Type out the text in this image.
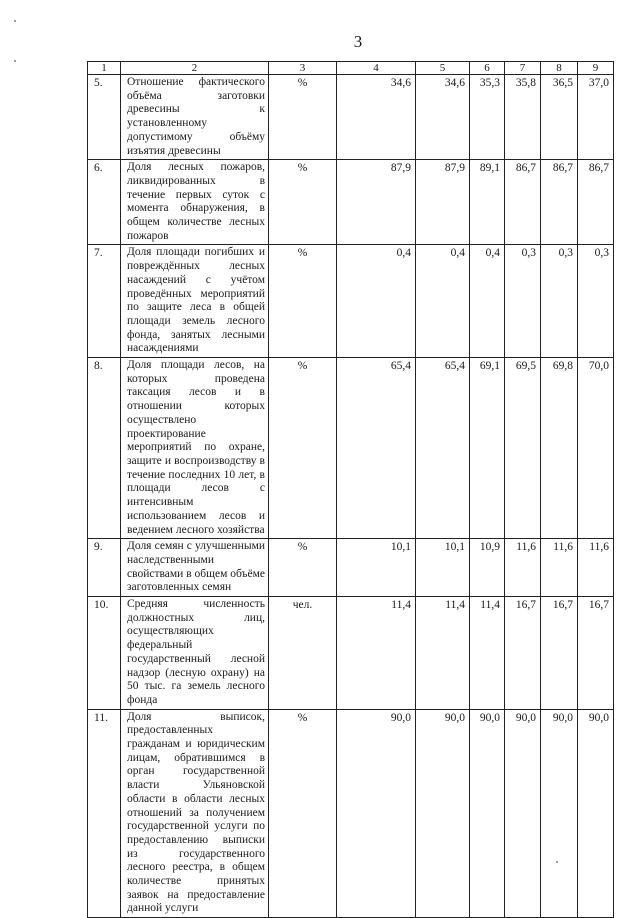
3
1	2	3	4	5	6	7	8	9
5.	Отношение фактического объёма заготовки древесины к установленному допустимому объёму изъятия древесины	%	34,6	34,6	35,3	35,8	36,5	37,0
6.	Доля лесных пожаров, ликвидированных в течение первых суток с момента обнаружения, в общем количестве лесных пожаров	%	87,9	87,9	89,1	86,7	86,7	86,7
7.	Доля площади погибших и повреждённых лесных насаждений с учётом проведённых мероприятий по защите леса в общей площади земель лесного фонда, занятых лесными насаждениями	%	0,4	0,4	0,4	0,3	0,3	0,3
8.	Доля площади лесов, на которых проведена таксация лесов и в отношении которых осуществлено проектирование мероприятий по охране, защите и воспроизводству в течение последних 10 лет, в площади лесов с интенсивным использованием лесов и ведением лесного хозяйства	%	65,4	65,4	69,1	69,5	69,8	70,0
9.	Доля семян с улучшенными наследственными свойствами в общем объёме заготовленных семян	%	10,1	10,1	10,9	11,6	11,6	11,6
10.	Средняя численность должностных лиц, осуществляющих федеральный государственный лесной надзор (лесную охрану) на 50 тыс. га земель лесного фонда	чел.	11,4	11,4	11,4	16,7	16,7	16,7
11.	Доля выписок, предоставленных гражданам и юридическим лицам, обратившимся в орган государственной власти Ульяновской области в области лесных отношений за получением государственной услуги по предоставлению выписки из государственного лесного реестра, в общем количестве принятых заявок на предоставление данной услуги	%	90,0	90,0	90,0	90,0	90,0	90,0
